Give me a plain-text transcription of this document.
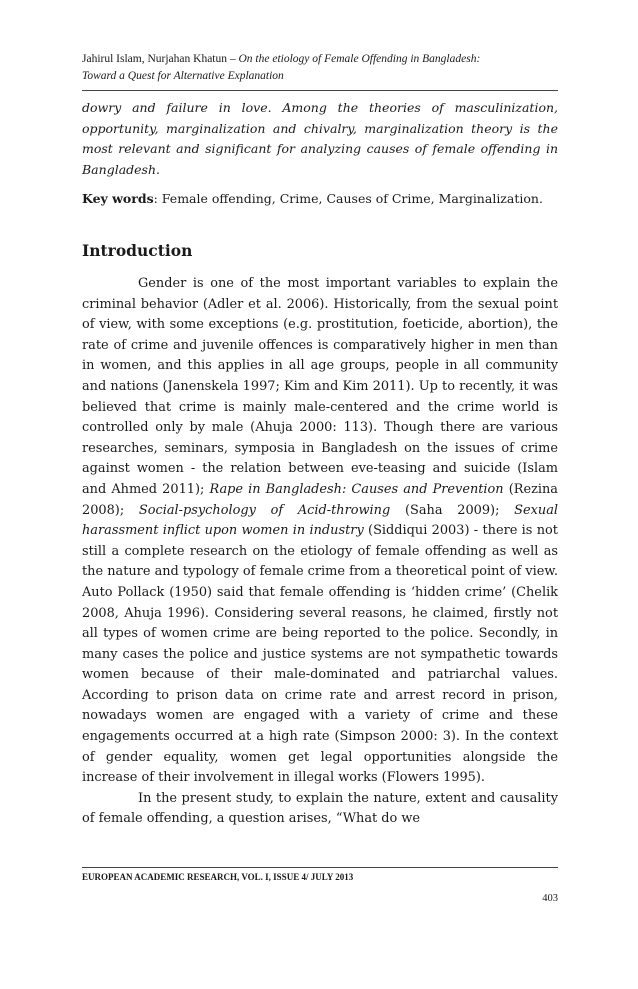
Jahirul Islam, Nurjahan Khatun – On the etiology of Female Offending in Bangladesh:
Toward a Quest for Alternative Explanation
dowry and failure in love. Among the theories of masculinization, opportunity, marginalization and chivalry, marginalization theory is the most relevant and significant for analyzing causes of female offending in Bangladesh.
Key words: Female offending, Crime, Causes of Crime, Marginalization.
Introduction

Gender is one of the most important variables to explain the criminal behavior (Adler et al. 2006). Historically, from the sexual point of view, with some exceptions (e.g. prostitution, foeticide, abortion), the rate of crime and juvenile offences is comparatively higher in men than in women, and this applies in all age groups, people in all community and nations (Janenskela 1997; Kim and Kim 2011). Up to recently, it was believed that crime is mainly male-centered and the crime world is controlled only by male (Ahuja 2000: 113). Though there are various researches, seminars, symposia in Bangladesh on the issues of crime against women - the relation between eve-teasing and suicide (Islam and Ahmed 2011); Rape in Bangladesh: Causes and Prevention (Rezina 2008); Social-psychology of Acid-throwing (Saha 2009); Sexual harassment inflict upon women in industry (Siddiqui 2003) - there is not still a complete research on the etiology of female offending as well as the nature and typology of female crime from a theoretical point of view. Auto Pollack (1950) said that female offending is ‘hidden crime’ (Chelik 2008, Ahuja 1996). Considering several reasons, he claimed, firstly not all types of women crime are being reported to the police. Secondly, in many cases the police and justice systems are not sympathetic towards women because of their male-dominated and patriarchal values. According to prison data on crime rate and arrest record in prison, nowadays women are engaged with a variety of crime and these engagements occurred at a high rate (Simpson 2000: 3). In the context of gender equality, women get legal opportunities alongside the increase of their involvement in illegal works (Flowers 1995).

In the present study, to explain the nature, extent and causality of female offending, a question arises, “What do we

EUROPEAN ACADEMIC RESEARCH, VOL. I, ISSUE 4/ JULY 2013
403
